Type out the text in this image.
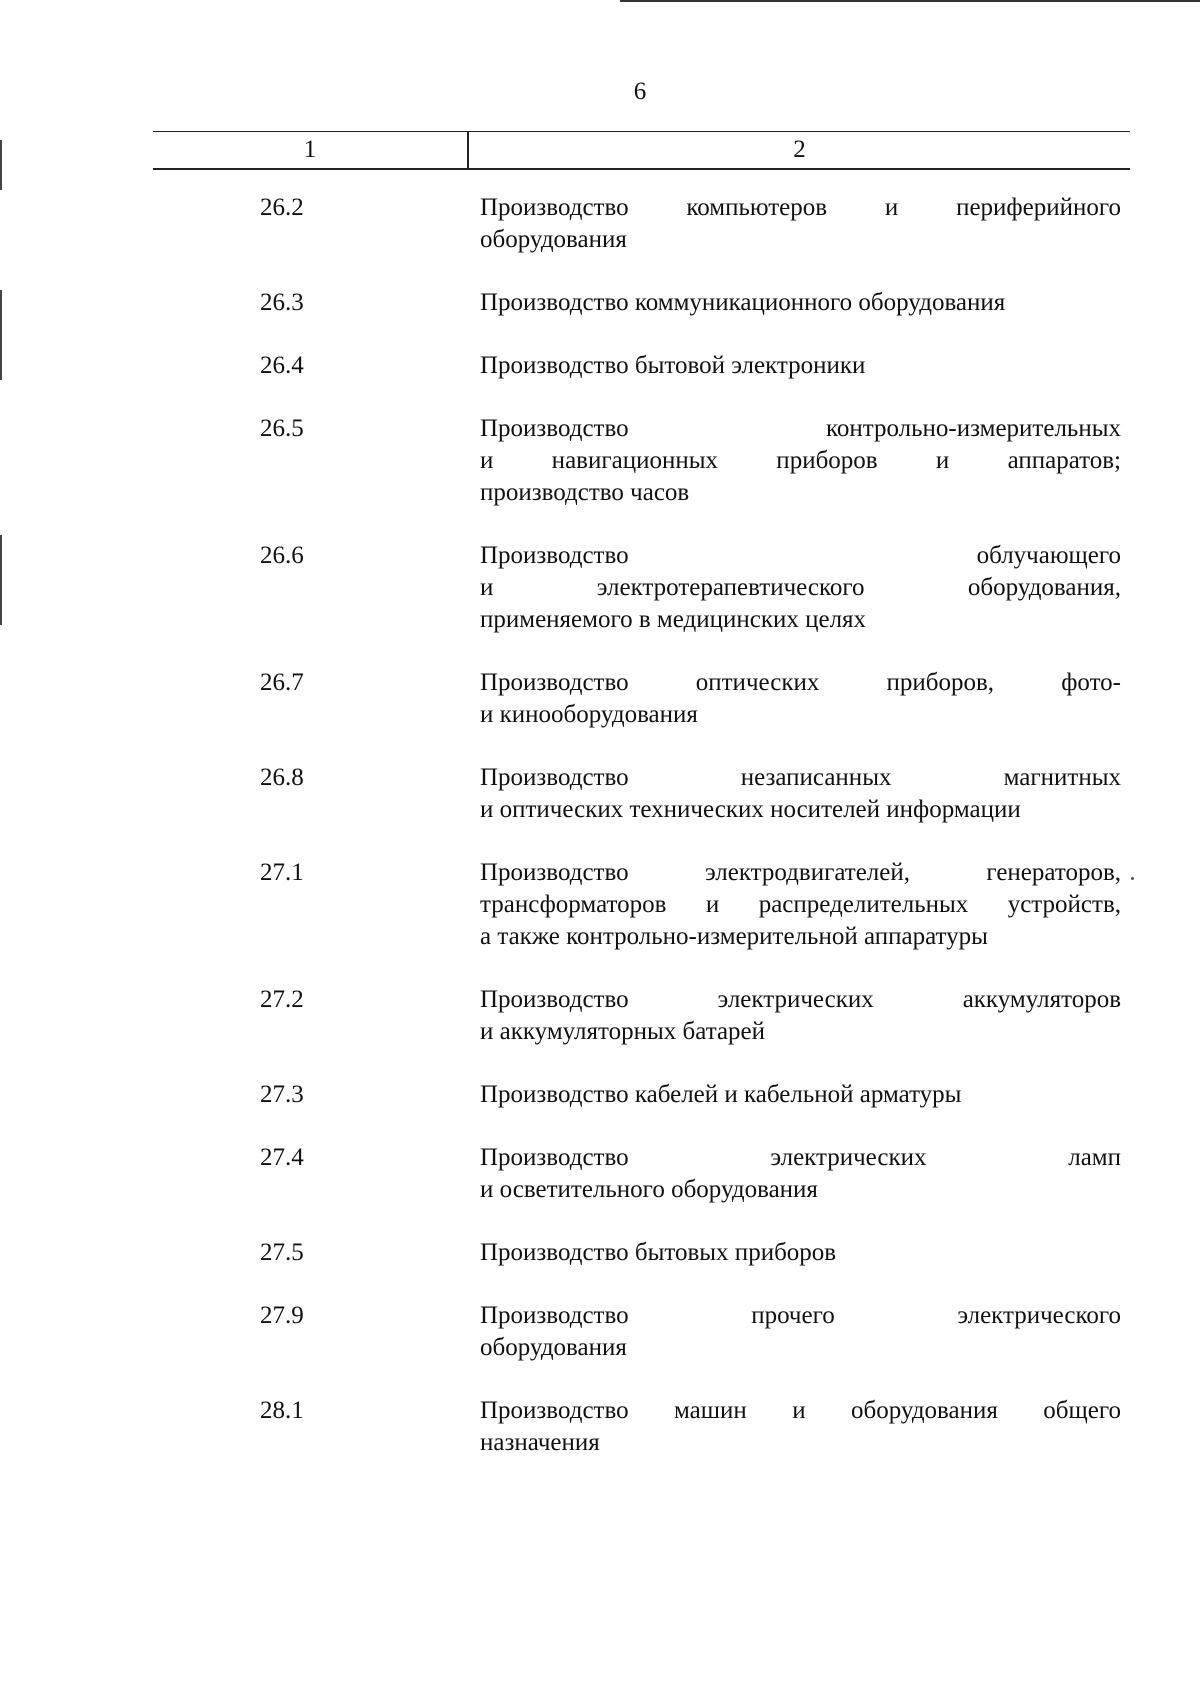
6
1	2
26.2	Производство компьютеров и периферийного
оборудования
26.3	Производство коммуникационного оборудования
26.4	Производство бытовой электроники
26.5	Производство контрольно-измерительных
и навигационных приборов и аппаратов;
производство часов
26.6	Производство облучающего
и электротерапевтического оборудования,
применяемого в медицинских целях
26.7	Производство оптических приборов, фото-
и кинооборудования
26.8	Производство незаписанных магнитных
и оптических технических носителей информации
27.1	Производство электродвигателей, генераторов,
трансформаторов и распределительных устройств,
а также контрольно-измерительной аппаратуры
27.2	Производство электрических аккумуляторов
и аккумуляторных батарей
27.3	Производство кабелей и кабельной арматуры
27.4	Производство электрических ламп
и осветительного оборудования
27.5	Производство бытовых приборов
27.9	Производство прочего электрического
оборудования
28.1	Производство машин и оборудования общего
назначения
